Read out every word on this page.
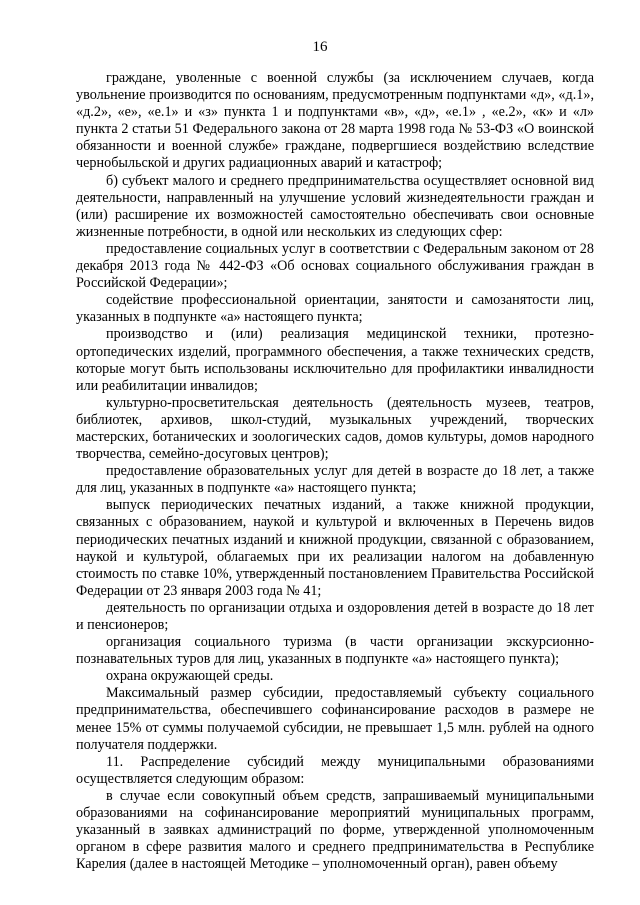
16

граждане, уволенные с военной службы (за исключением случаев, когда увольнение производится по основаниям, предусмотренным подпунктами «д», «д.1», «д.2», «е», «е.1» и «з» пункта 1 и подпунктами «в», «д», «е.1» , «е.2», «к» и «л» пункта 2 статьи 51 Федерального закона от 28 марта 1998 года № 53-ФЗ «О воинской обязанности и военной службе» граждане, подвергшиеся воздействию вследствие чернобыльской и других радиационных аварий и катастроф;

б) субъект малого и среднего предпринимательства осуществляет основной вид деятельности, направленный на улучшение условий жизнедеятельности граждан и (или) расширение их возможностей самостоятельно обеспечивать свои основные жизненные потребности, в одной или нескольких из следующих сфер:

предоставление социальных услуг в соответствии с Федеральным законом от 28 декабря 2013 года № 442-ФЗ «Об основах социального обслуживания граждан в Российской Федерации»;

содействие профессиональной ориентации, занятости и самозанятости лиц, указанных в подпункте «а» настоящего пункта;

производство и (или) реализация медицинской техники, протезно-ортопедических изделий, программного обеспечения, а также технических средств, которые могут быть использованы исключительно для профилактики инвалидности или реабилитации инвалидов;

культурно-просветительская деятельность (деятельность музеев, театров, библиотек, архивов, школ-студий, музыкальных учреждений, творческих мастерских, ботанических и зоологических садов, домов культуры, домов народного творчества, семейно-досуговых центров);

предоставление образовательных услуг для детей в возрасте до 18 лет, а также для лиц, указанных в подпункте «а» настоящего пункта;

выпуск периодических печатных изданий, а также книжной продукции, связанных с образованием, наукой и культурой и включенных в Перечень видов периодических печатных изданий и книжной продукции, связанной с образованием, наукой и культурой, облагаемых при их реализации налогом на добавленную стоимость по ставке 10%, утвержденный постановлением Правительства Российской Федерации от 23 января 2003 года № 41;

деятельность по организации отдыха и оздоровления детей в возрасте до 18 лет и пенсионеров;

организация социального туризма (в части организации экскурсионно-познавательных туров для лиц, указанных в подпункте «а» настоящего пункта);

охрана окружающей среды.

Максимальный размер субсидии, предоставляемый субъекту социального предпринимательства, обеспечившего софинансирование расходов в размере не менее 15% от суммы получаемой субсидии, не превышает 1,5 млн. рублей на одного получателя поддержки.

11. Распределение субсидий между муниципальными образованиями осуществляется следующим образом:

в случае если совокупный объем средств, запрашиваемый муниципальными образованиями на софинансирование мероприятий муниципальных программ, указанный в заявках администраций по форме, утвержденной уполномоченным органом в сфере развития малого и среднего предпринимательства в Республике Карелия (далее в настоящей Методике – уполномоченный орган), равен объему
